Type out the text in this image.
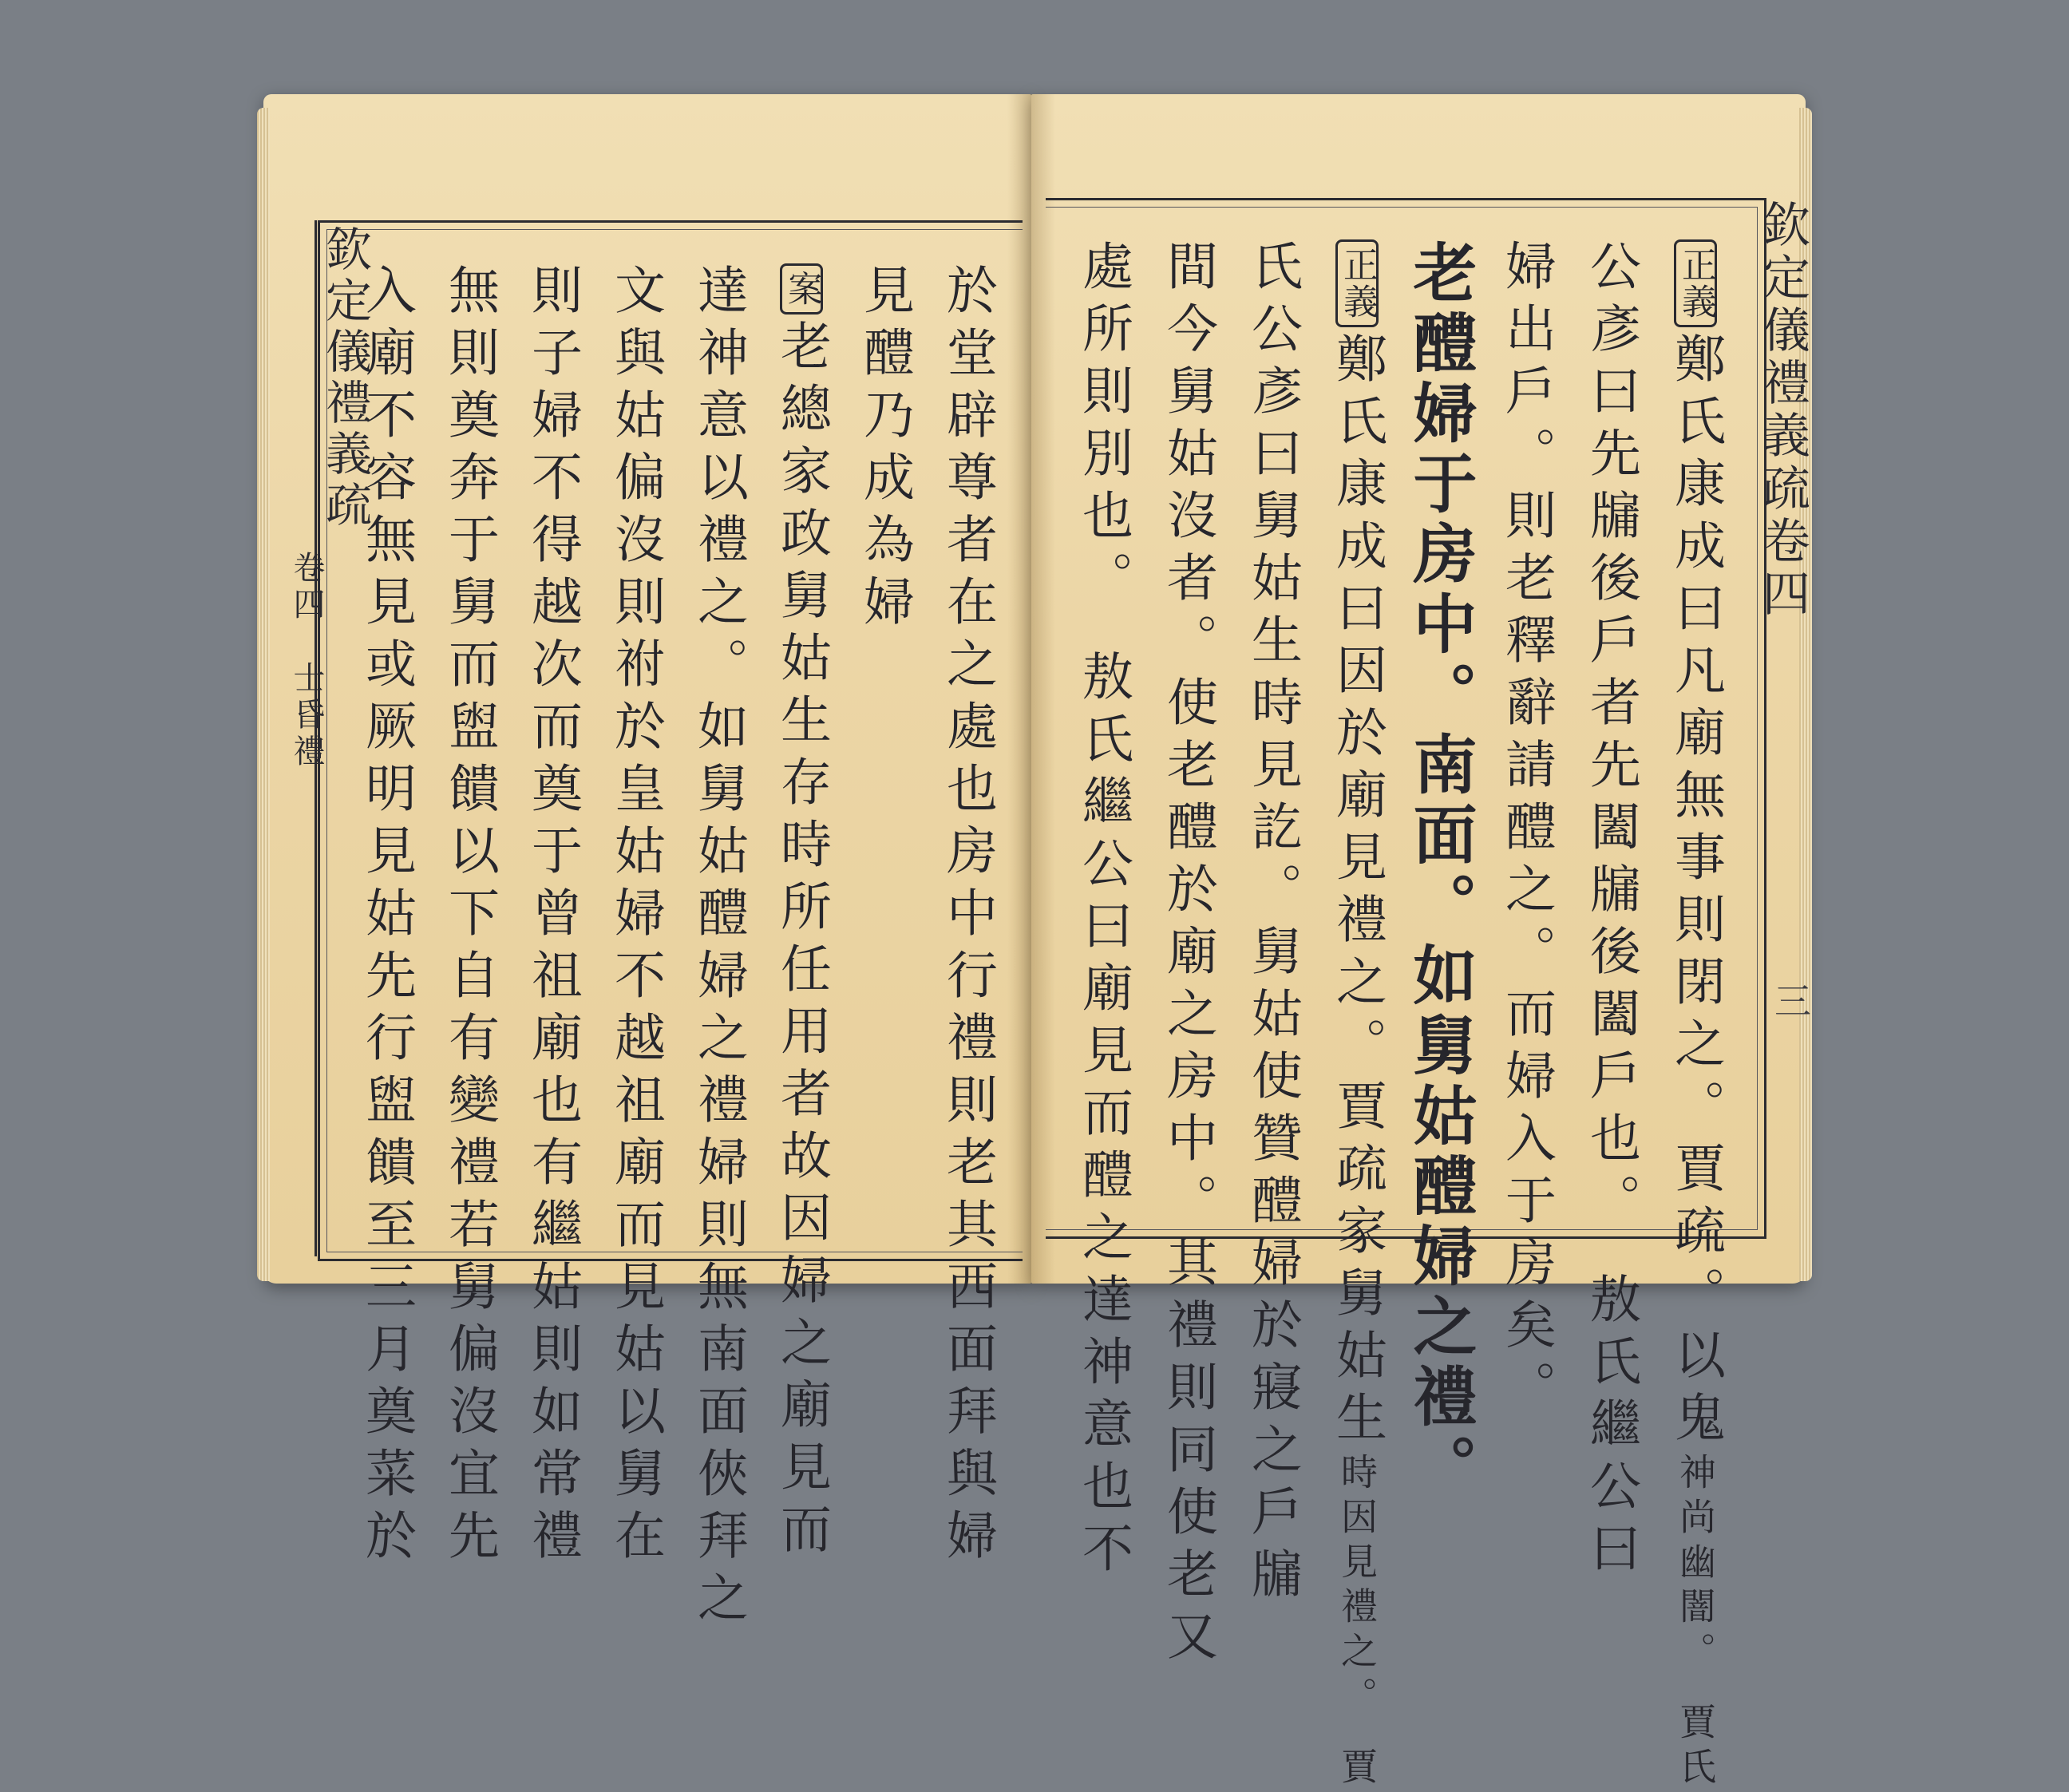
欽定儀禮義疏
卷四　士昏禮
欽定儀禮義疏卷四
三
正義鄭氏康成曰凡廟無事則閉之。賈疏。以鬼神尚幽闇。　賈氏
公彥曰先牖後戶者先闔牖後闔戶也。　敖氏繼公曰
婦出戶。則老釋辭請醴之。而婦入于房矣。
老醴婦于房中。南面。如舅姑醴婦之禮。
正義鄭氏康成曰因於廟見禮之。賈疏家舅姑生時因見禮之。　賈
氏公彥曰舅姑生時見訖。舅姑使贊醴婦於寢之戶牖
間今舅姑沒者。使老醴於廟之房中。其禮則同使老又
處所則別也。　敖氏繼公曰廟見而醴之達神意也不
於堂辟尊者在之處也房中行禮則老其西面拜與婦
見醴乃成為婦
案老總家政舅姑生存時所任用者故因婦之廟見而
達神意以禮之。如舅姑醴婦之禮婦則無南面俠拜之
文與姑偏沒則祔於皇姑婦不越祖廟而見姑以舅在
則子婦不得越次而奠于曾祖廟也有繼姑則如常禮
無則奠奔于舅而盥饋以下自有變禮若舅偏沒宜先
入廟不容無見或厥明見姑先行盥饋至三月奠菜於
